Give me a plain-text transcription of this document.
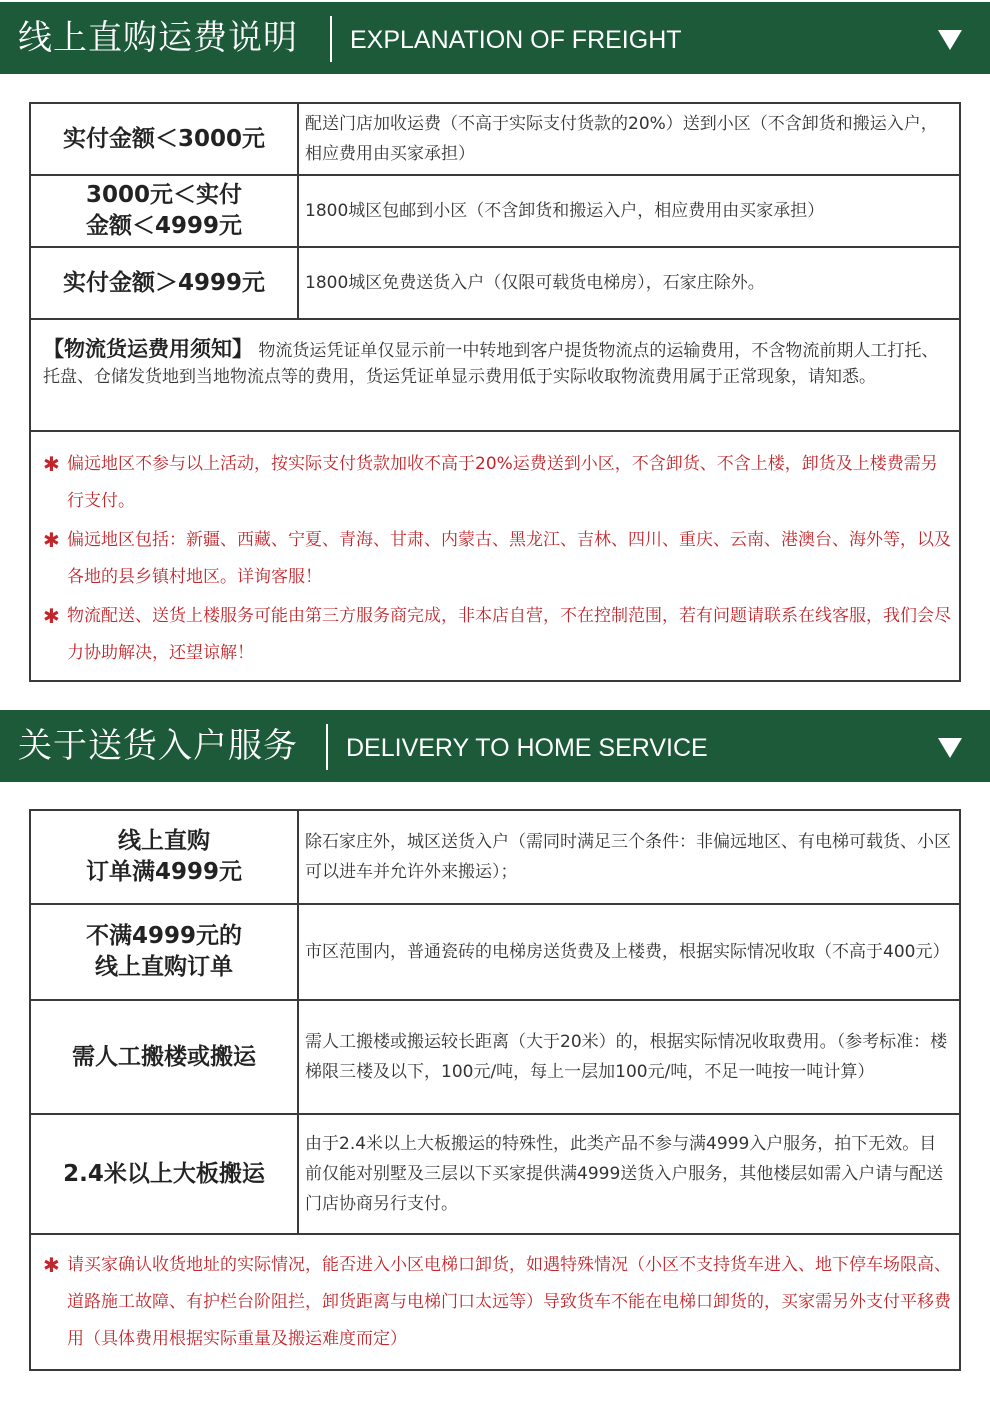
线上直购运费说明 EXPLANATION OF FREIGHT
实付金额＜3000元
配送门店加收运费（不高于实际支付货款的20%）送到小区（不含卸货和搬运入户，相应费用由买家承担）
3000元＜实付
金额＜4999元
1800城区包邮到小区（不含卸货和搬运入户，相应费用由买家承担）
实付金额＞4999元	1800城区免费送货入户（仅限可载货电梯房），石家庄除外。
【物流货运费用须知】 物流货运凭证单仅显示前一中转地到客户提货物流点的运输费用，不含物流前期人工打托、托盘、仓储发货地到当地物流点等的费用，货运凭证单显示费用低于实际收取物流费用属于正常现象，请知悉。
✱ 偏远地区不参与以上活动，按实际支付货款加收不高于20%运费送到小区，不含卸货、不含上楼，卸货及上楼费需另行支付。
✱ 偏远地区包括：新疆、西藏、宁夏、青海、甘肃、内蒙古、黑龙江、吉林、四川、重庆、云南、港澳台、海外等，以及各地的县乡镇村地区。详询客服！
✱ 物流配送、送货上楼服务可能由第三方服务商完成，非本店自营，不在控制范围，若有问题请联系在线客服，我们会尽力协助解决，还望谅解！
关于送货入户服务 DELIVERY TO HOME SERVICE
线上直购
订单满4999元
除石家庄外，城区送货入户（需同时满足三个条件：非偏远地区、有电梯可载货、小区可以进车并允许外来搬运）；
不满4999元的
线上直购订单
市区范围内，普通瓷砖的电梯房送货费及上楼费，根据实际情况收取（不高于400元）
需人工搬楼或搬运
需人工搬楼或搬运较长距离（大于20米）的，根据实际情况收取费用。（参考标准：楼梯限三楼及以下，100元/吨，每上一层加100元/吨，不足一吨按一吨计算）
2.4米以上大板搬运
由于2.4米以上大板搬运的特殊性，此类产品不参与满4999入户服务，拍下无效。目前仅能对别墅及三层以下买家提供满4999送货入户服务，其他楼层如需入户请与配送门店协商另行支付。
✱ 请买家确认收货地址的实际情况，能否进入小区电梯口卸货，如遇特殊情况（小区不支持货车进入、地下停车场限高、道路施工故障、有护栏台阶阻拦，卸货距离与电梯门口太远等）导致货车不能在电梯口卸货的，买家需另外支付平移费用（具体费用根据实际重量及搬运难度而定）
